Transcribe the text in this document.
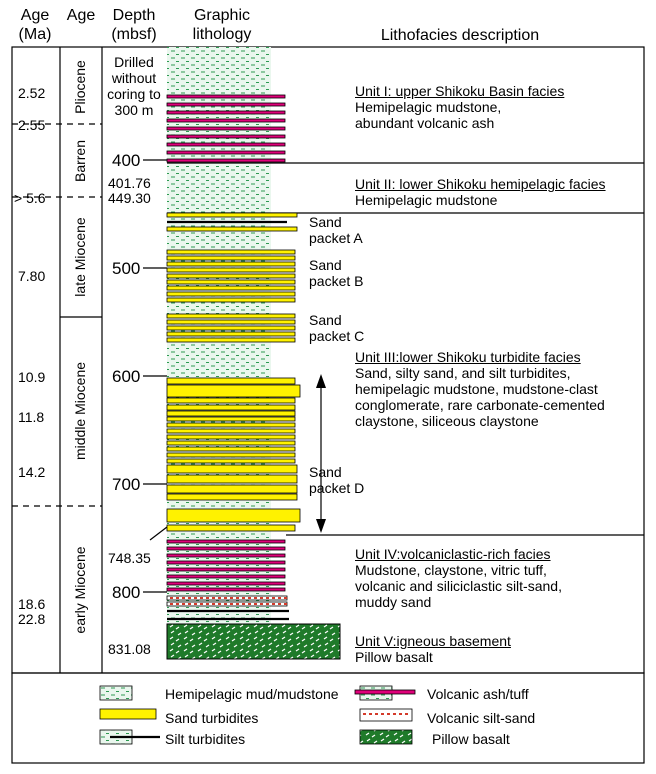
Age
(Ma)
Age	Depth
(mbsf)
Graphic
lithology	Lithofacies description
2.52
2.55
> 5.6
7.80
10.9
11.8
14.2
18.6
22.8
Pliocene
Barren
late Miocene
middle Miocene
early Miocene
Drilled
without
coring to
300 m
400
500
600
700
800
401.76
449.30
748.35
831.08
Sand
packet A
Sand
packet B
Sand
packet C
Sand
packet D
Unit I: upper Shikoku Basin facies
Hemipelagic mudstone,
abundant volcanic ash
Unit II: lower Shikoku hemipelagic facies
Hemipelagic mudstone
Unit III:lower Shikoku turbidite facies
Sand, silty sand, and silt turbidites,
hemipelagic mudstone, mudstone-clast
conglomerate, rare carbonate-cemented
claystone, siliceous claystone
Unit IV:volcaniclastic-rich facies
Mudstone, claystone, vitric tuff,
volcanic and siliciclastic silt-sand,
muddy sand
Unit V:igneous basement
Pillow basalt
Hemipelagic mud/mudstone
Sand turbidites
Silt turbidites
Volcanic ash/tuff
Volcanic silt-sand
Pillow basalt
